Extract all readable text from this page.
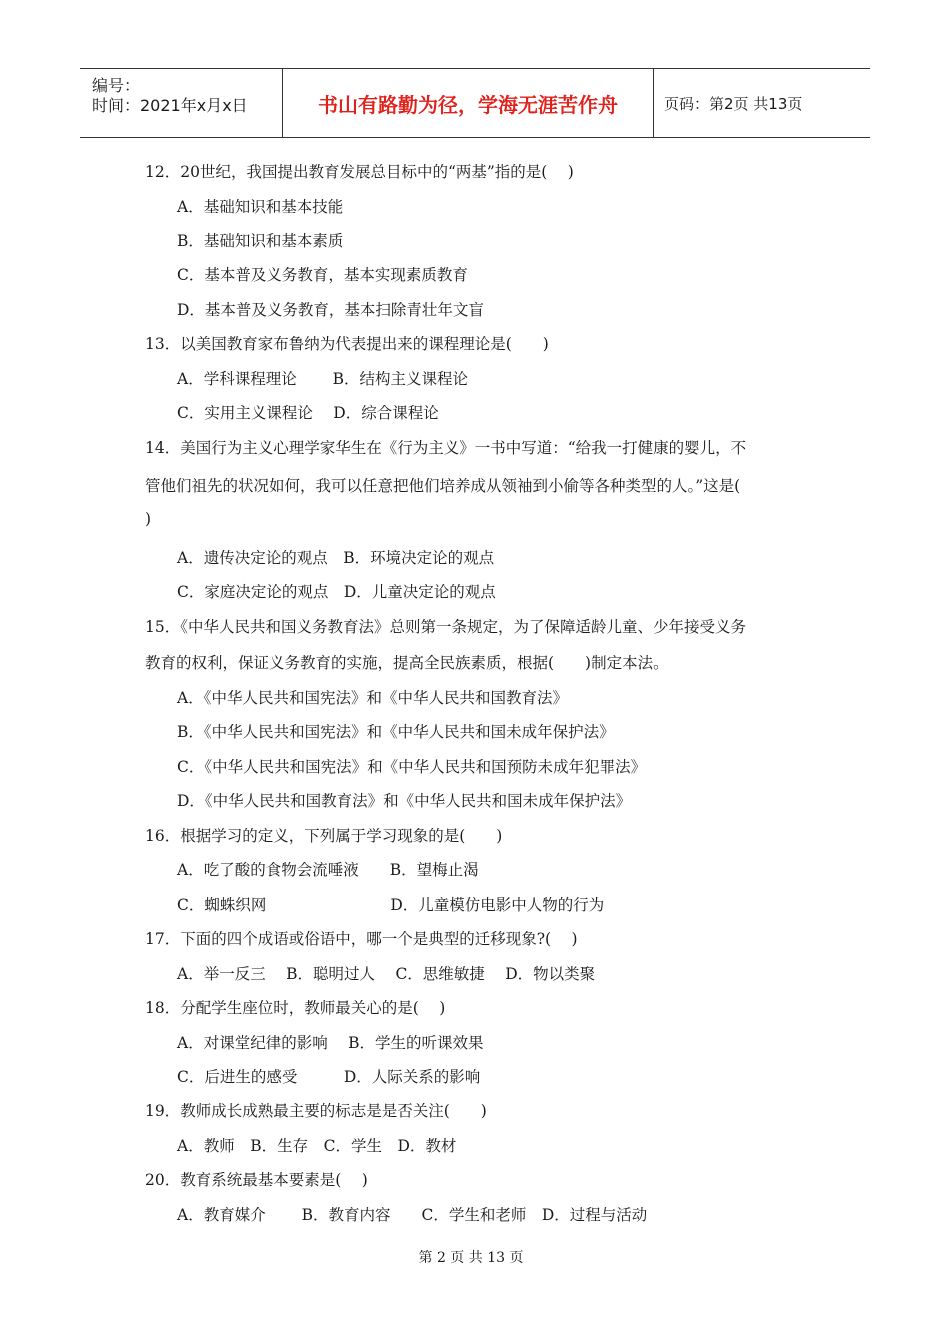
编号：
时间：2021年x月x日	书山有路勤为径，学海无涯苦作舟	页码：第2页 共13页
12．20世纪，我国提出教育发展总目标中的“两基”指的是(　 )
A．基础知识和基本技能
B．基础知识和基本素质
C．基本普及义务教育，基本实现素质教育
D．基本普及义务教育，基本扫除青壮年文盲
13．以美国教育家布鲁纳为代表提出来的课程理论是(　　)
A．学科课程理论　　 B．结构主义课程论
C．实用主义课程论　 D．综合课程论
14．美国行为主义心理学家华生在《行为主义》一书中写道：“给我一打健康的婴儿，不
管他们祖先的状况如何，我可以任意把他们培养成从领袖到小偷等各种类型的人。”这是(
)
A．遗传决定论的观点　B．环境决定论的观点
C．家庭决定论的观点　D．儿童决定论的观点
15．《中华人民共和国义务教育法》总则第一条规定，为了保障适龄儿童、少年接受义务
教育的权利，保证义务教育的实施，提高全民族素质，根据(　　)制定本法。
A．《中华人民共和国宪法》和《中华人民共和国教育法》
B．《中华人民共和国宪法》和《中华人民共和国未成年保护法》
C．《中华人民共和国宪法》和《中华人民共和国预防未成年犯罪法》
D．《中华人民共和国教育法》和《中华人民共和国未成年保护法》
16．根据学习的定义，下列属于学习现象的是(　　)
A．吃了酸的食物会流唾液　　B．望梅止渴
C．蜘蛛织网　　　　　　　　D．儿童模仿电影中人物的行为
17．下面的四个成语或俗语中，哪一个是典型的迁移现象?(　 )
A．举一反三　 B．聪明过人　 C．思维敏捷　 D．物以类聚
18．分配学生座位时，教师最关心的是(　 )
A．对课堂纪律的影响　 B．学生的听课效果
C．后进生的感受　　　D．人际关系的影响
19．教师成长成熟最主要的标志是是否关注(　　)
A．教师　B．生存　C．学生　D．教材
20．教育系统最基本要素是(　 )
A．教育媒介　　 B．教育内容　　C．学生和老师　D．过程与活动
第 2 页 共 13 页
